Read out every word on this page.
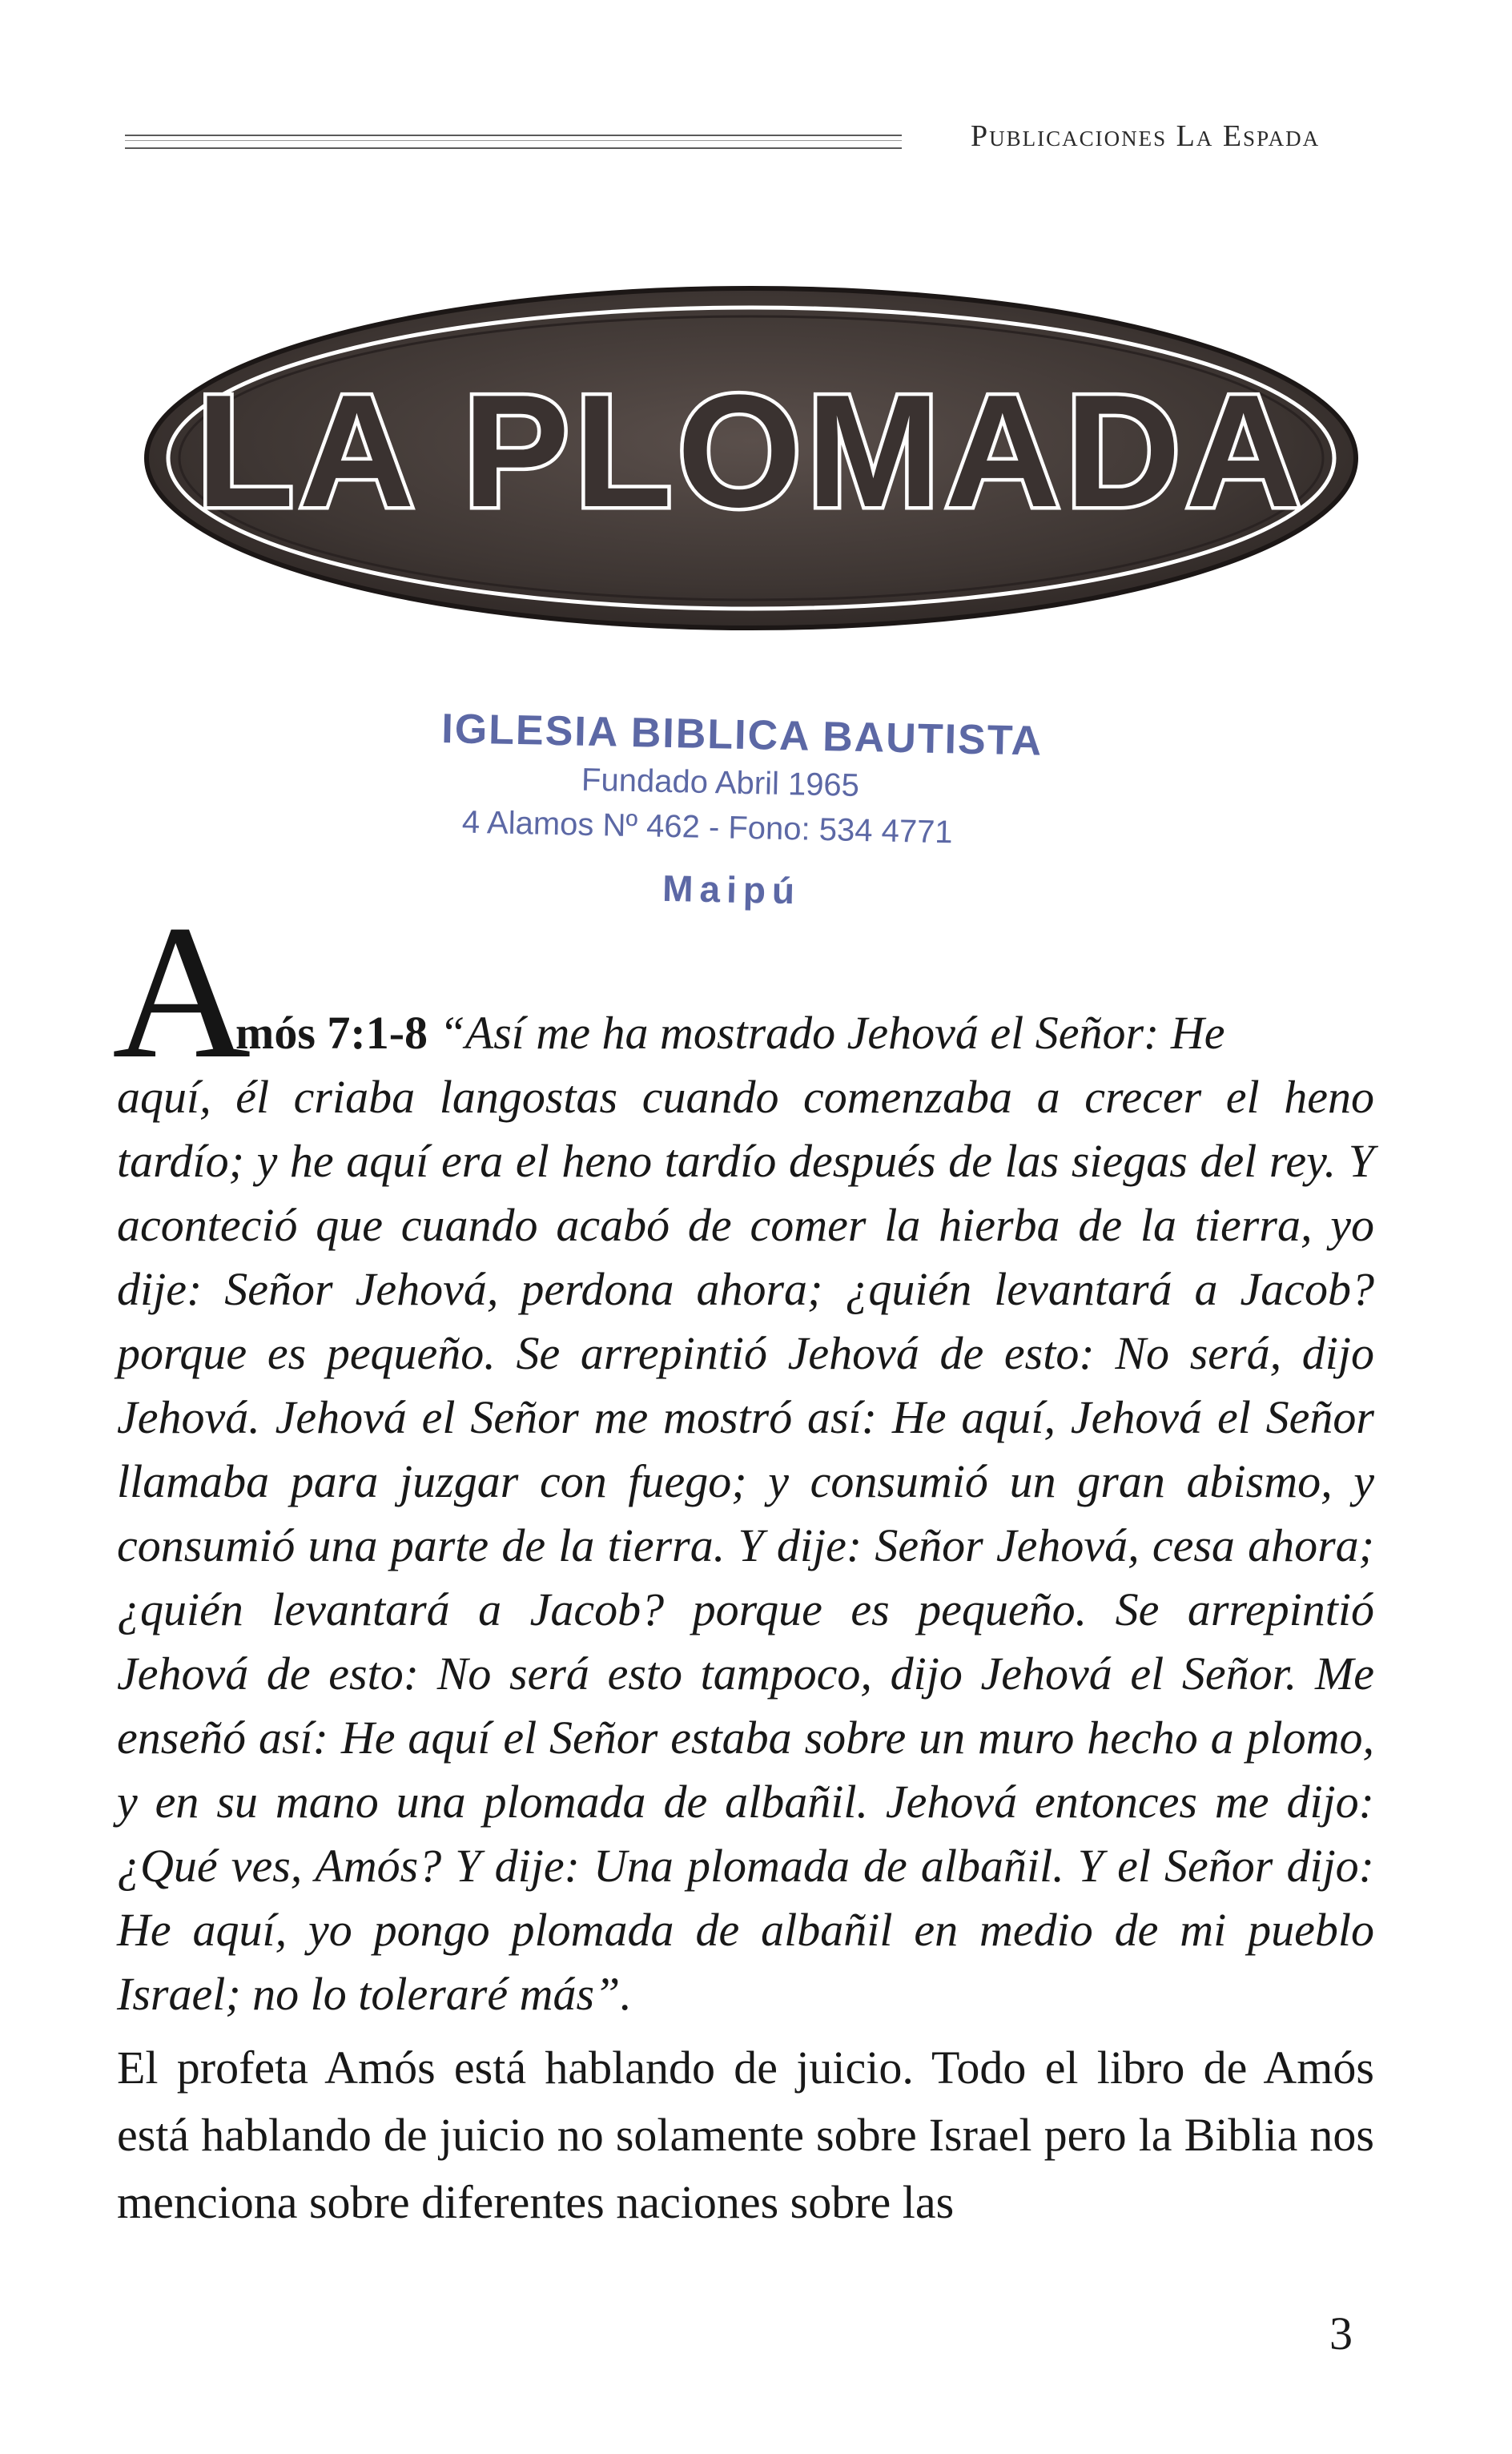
Publicaciones La Espada
LA PLOMADA
IGLESIA BIBLICA BAUTISTA
Fundado Abril 1965
4 Alamos Nº 462 - Fono: 534 4771
Maipú
A
mós 7:1-8 “Así me ha mostrado Jehová el Señor: He
aquí, él criaba langostas cuando comenzaba a crecer el heno tardío; y he aquí era el heno tardío después de las siegas del rey. Y aconteció que cuando acabó de comer la hierba de la tierra, yo dije: Señor Jehová, perdona ahora; ¿quién levantará a Jacob? porque es pequeño. Se arrepintió Jehová de esto: No será, dijo Jehová. Jehová el Señor me mostró así: He aquí, Jehová el Señor llamaba para juzgar con fuego; y consumió un gran abismo, y consumió una parte de la tierra. Y dije: Señor Jehová, cesa ahora; ¿quién levantará a Jacob? porque es pequeño. Se arrepintió Jehová de esto: No será esto tampoco, dijo Jehová el Señor. Me enseñó así: He aquí el Señor estaba sobre un muro hecho a plomo, y en su mano una plomada de albañil. Jehová entonces me dijo: ¿Qué ves, Amós? Y dije: Una plomada de albañil. Y el Señor dijo: He aquí, yo pongo plomada de albañil en medio de mi pueblo Israel; no lo toleraré más”.
El profeta Amós está hablando de juicio. Todo el libro de Amós está hablando de juicio no solamente sobre Israel pero la Biblia nos menciona sobre diferentes naciones sobre las
3
